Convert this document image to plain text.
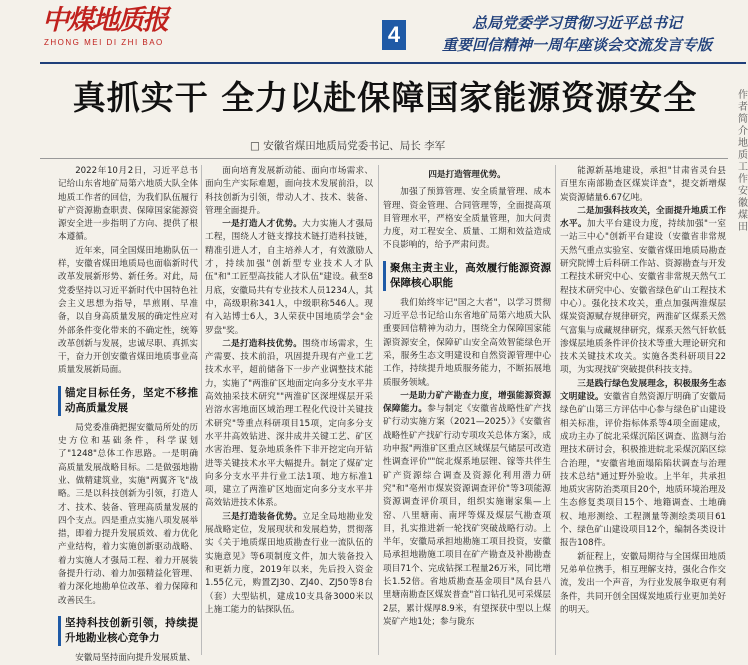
中煤地质报
ZHONG MEI DI ZHI BAO	4	总局党委学习贯彻习近平总书记
重要回信精神一周年座谈会交流发言专版
真抓实干 全力以赴保障国家能源资源安全
□ 安徽省煤田地质局党委书记、局长 李军

2022年10月2日，习近平总书记给山东省地矿局第六地质大队全体地质工作者的回信，为我们队伍履行矿产资源勘查职责、保障国家能源资源安全进一步指明了方向、提供了根本遵循。

近年来，同全国煤田地勘队伍一样，安徽省煤田地质局也面临新时代改革发展新形势、新任务。对此，局党委坚持以习近平新时代中国特色社会主义思想为指导，旱煎刚、早准备，以自身高质量发展的确定性应对外部条件变化带来的不确定性，统筹改革创新与发展，忠诚尽职、真抓实干，奋力开创安徽省煤田地质事业高质量发展新局面。

锚定目标任务，坚定不移推动高质量发展

局党委准确把握安徽局所处的历史方位和基础条件，科学谋划了"1248"总体工作思路。一是明确高质量发展战略目标。二是做强地勘业、做精建筑业，实施"两翼齐飞"战略。三是以科技创新为引领，打造人才、技术、装备、管理高质量发展的四个支点。四是重点实施八项发展举措，即着力提升发展质效、着力优化产业结构，着力实施创新驱动战略、着力实施人才强局工程、着力开展装备提升行动、着力加强精益化管理、着力深化地勘单位改革、着力保障和改善民生。

坚持科技创新引领，持续提升地勘业核心竞争力

安徽局坚持面向提升发展质量、

面向培育发展新动能、面向市场需求、面向生产实际难题，面向技术发展前沿，以科技创新为引领，带动人才、技术、装备、管理全面提升。

一是打造人才优势。大力实施人才强局工程，围绕人才链支撑技术链打造科技链，精准引进人才，自主培养人才，有效激励人才，持续加强"创新型专业技术人才队伍"和"工匠型高技能人才队伍"建设。截至8月底，安徽局共有专业技术人员1234人，其中，高级职称341人，中级职称546人。现有入站博士6人，3人荣获中国地质学会"金罗盘"奖。

二是打造科技优势。围绕市场需求，生产需要、技术前沿，巩固提升现有产业工艺技术水平，超前储备下一步产业调整技术能力，实施了"两淮矿区地面定向多分支水平井高效抽采技术研究""两淮矿区深埋煤层开采岩溶水害地面区域治理工程化代设计关键技术研究"等重点科研项目15项，定向多分支水平井高效钻进、深井成井关键工艺、矿区水害治理、复杂地质条件下非开挖定向开钻进等关键技术水平大幅提升。制定了煤矿定向多分支水平井行业工法1项、地方标准1项，建立了两淮矿区地面定向多分支水平井高效钻进技术体系。

三是打造装备优势。立足全局地勘业发展战略定位，发展现状和发展趋势，贯彻落实《关于地质煤田地质勘查行业一流队伍的实施意见》等6项制度文件，加大装备投入和更新力度，2019年以来，先后投入资金1.55亿元，购置ZJ30、ZJ40、ZJ50等8台（套）大型钻机，建成10支具备3000米以上施工能力的钻探队伍。

四是打造管理优势。

加强了预算管理、安全质量管理、成本管理、资金管理、合同管理等，全面提高项目管理水平，严格安全质量管理，加大问责力度，对工程安全、质量、工期和效益造成不良影响的，给予严肃问责。

聚焦主责主业，高效履行能源资源保障核心职能

我们始终牢记"国之大者"，以学习贯彻习近平总书记给山东省地矿局第六地质大队重要回信精神为动力，围绕全力保障国家能源资源安全，保障矿山安全高效智能绿色开采，服务生态文明建设和自然资源管理中心工作，持续提升地质服务能力，不断拓展地质服务领域。

一是助力矿产勘查力度，增强能源资源保障能力。参与制定《安徽省战略性矿产找矿行动实施方案（2021—2025）》《安徽省战略性矿产找矿行动专项攻关总体方案》，成功申报"两淮矿区重点区域煤层气储层可改造性调查评价""皖北煤系地层锂、镓等共伴生矿产资源综合调查及资源化利用潜力研究"和"亳州市煤炭资源调查评价"等3项能源资源调查评价项目，组织实施谢家集—上窑、八里塘南、南坪等煤及煤层气勘查项目，扎实推进新一轮找矿突破战略行动。上半年，安徽局承担地勘施工项目投资，安徽局承担地勘施工项目在矿产勘查及补勘勘查项目71个、完成钻探工程量26万米，同比增长1.52倍。省地质勘查基金项目"凤台县八里塘南勘查区煤炭普查"首口钻孔见可采煤层2层，累计煤厚8.9米，有望探获中型以上煤炭矿产地1处；参与陇东

能源新基地建设，承担"甘肃省灵台县百里东南部勘查区煤炭详查"，提交新增煤炭资源储量6.67亿吨。

二是加强科技攻关，全面提升地质工作水平。加大平台建设力度，持续加强"一室一站三中心"创新平台建设（安徽省非常规天然气重点实验室、安徽省煤田地质局勘查研究院博士后科研工作站、资源勘查与开发工程技术研究中心、安徽省非常规天然气工程技术研究中心、安徽省绿色矿山工程技术中心）。强化技术攻关，重点加强两淮煤层煤炭资源赋存规律研究，两淮矿区煤系天然气富集与成藏规律研究，煤系天然气钎软低渗煤层地质条件评价技术等重大理论研究和技术关键技术攻关。实施各类科研项目22项，为实现找矿突破提供科技支持。

三是践行绿色发展理念，积极服务生态文明建设。安徽省自然资源厅明确了安徽局绿色矿山第三方评估中心参与绿色矿山建设相关标准，评价指标体系等4项全面建成，成功主办了皖北采煤沉陷区调查、监测与治理技术研讨会，积极推进皖北采煤沉陷区综合治理，"安徽省地面塌陷陷状调查与治理技术总结"通过野外验收。上半年，共承担地质灾害防治类项目20个，地质环境治理及生态修复类项目15个、地籍调查、土地确权、地形测绘、工程测量等测绘类项目61个、绿色矿山建设项目12个，编制各类设计报告108件。

新征程上，安徽局期待与全国煤田地质兄弟单位携手，相互理解支持，强化合作交流，发出一个声音，为行业发展争取更有利条件，共同开创全国煤炭地质行业更加美好的明天。

作者简介地质工作安徽煤田
